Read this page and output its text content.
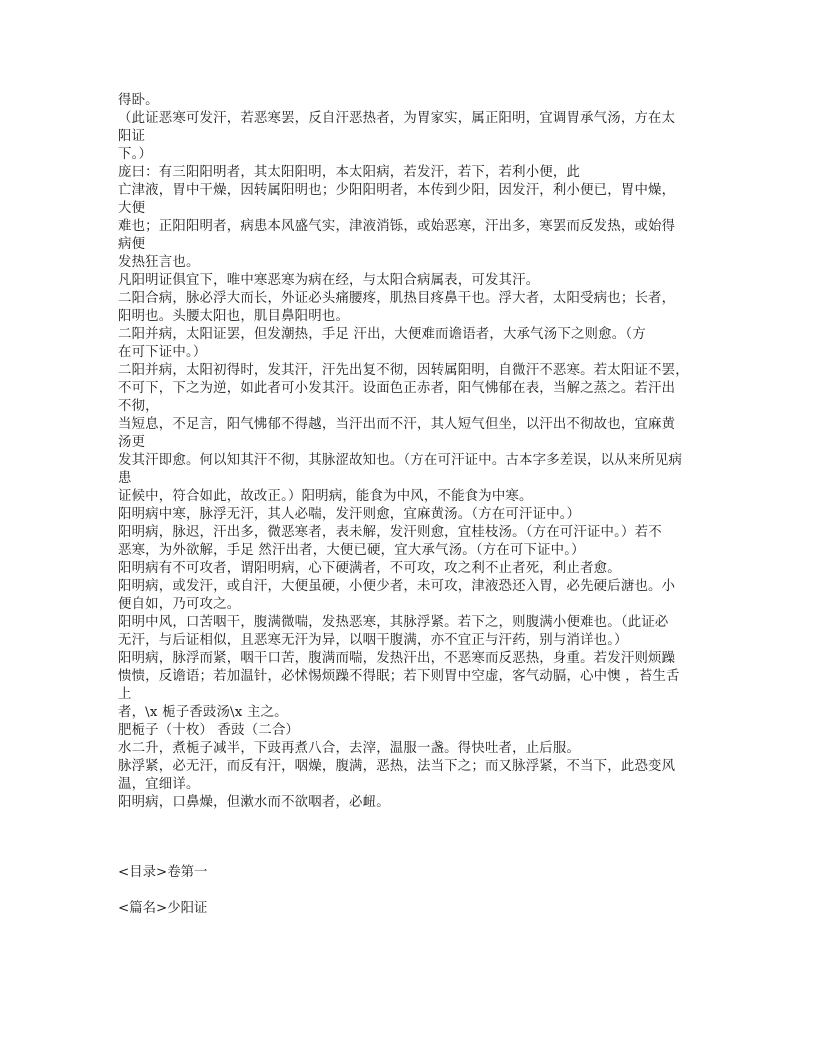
得卧。
（此证恶寒可发汗，若恶寒罢，反自汗恶热者，为胃家实，属正阳明，宜调胃承气汤，方在太
阳证
下。）
庞曰：有三阳阳明者，其太阳阳明，本太阳病，若发汗，若下，若利小便，此
亡津液，胃中干燥，因转属阳明也；少阳阳明者，本传到少阳，因发汗，利小便已，胃中燥，
大便
难也；正阳阳明者，病患本风盛气实，津液消铄，或始恶寒，汗出多，寒罢而反发热，或始得
病便
发热狂言也。
凡阳明证俱宜下，唯中寒恶寒为病在经，与太阳合病属表，可发其汗。
二阳合病，脉必浮大而长，外证必头痛腰疼，肌热目疼鼻干也。浮大者，太阳受病也；长者，
阳明也。头腰太阳也，肌目鼻阳明也。
二阳并病，太阳证罢，但发潮热，手足 汗出，大便难而谵语者，大承气汤下之则愈。（方
在可下证中。）
二阳并病，太阳初得时，发其汗，汗先出复不彻，因转属阳明，自微汗不恶寒。若太阳证不罢，
不可下，下之为逆，如此者可小发其汗。设面色正赤者，阳气怫郁在表，当解之蒸之。若汗出
不彻，
当短息，不足言，阳气怫郁不得越，当汗出而不汗，其人短气但坐，以汗出不彻故也，宜麻黄
汤更
发其汗即愈。何以知其汗不彻，其脉涩故知也。（方在可汗证中。古本字多差误，以从来所见病
患
证候中，符合如此，故改正。）阳明病，能食为中风，不能食为中寒。
阳明病中寒，脉浮无汗，其人必喘，发汗则愈，宜麻黄汤。（方在可汗证中。）
阳明病，脉迟，汗出多，微恶寒者，表未解，发汗则愈，宜桂枝汤。（方在可汗证中。）若不
恶寒，为外欲解，手足 然汗出者，大便已硬，宜大承气汤。（方在可下证中。）
阳明病有不可攻者，谓阳明病，心下硬满者，不可攻，攻之利不止者死，利止者愈。
阳明病，或发汗，或自汗，大便虽硬，小便少者，未可攻，津液恐还入胃，必先硬后溏也。小
便自如，乃可攻之。
阳明中风，口苦咽干，腹满微喘，发热恶寒，其脉浮紧。若下之，则腹满小便难也。（此证必
无汗，与后证相似，且恶寒无汗为异，以咽干腹满，亦不宜正与汗药，别与消详也。）
阳明病，脉浮而紧，咽干口苦，腹满而喘，发热汗出，不恶寒而反恶热，身重。若发汗则烦躁
愦愦，反谵语；若加温针，必怵惕烦躁不得眠；若下则胃中空虚，客气动膈，心中懊 ，苔生舌
上
者，\x 栀子香豉汤\x 主之。
肥栀子（十枚） 香豉（二合）
水二升，煮栀子减半，下豉再煮八合，去滓，温服一盏。得快吐者，止后服。
脉浮紧，必无汗，而反有汗，咽燥，腹满，恶热，法当下之；而又脉浮紧，不当下，此恐变风
温，宜细详。
阳明病，口鼻燥，但漱水而不欲咽者，必衄。
<目录>卷第一
<篇名>少阳证
